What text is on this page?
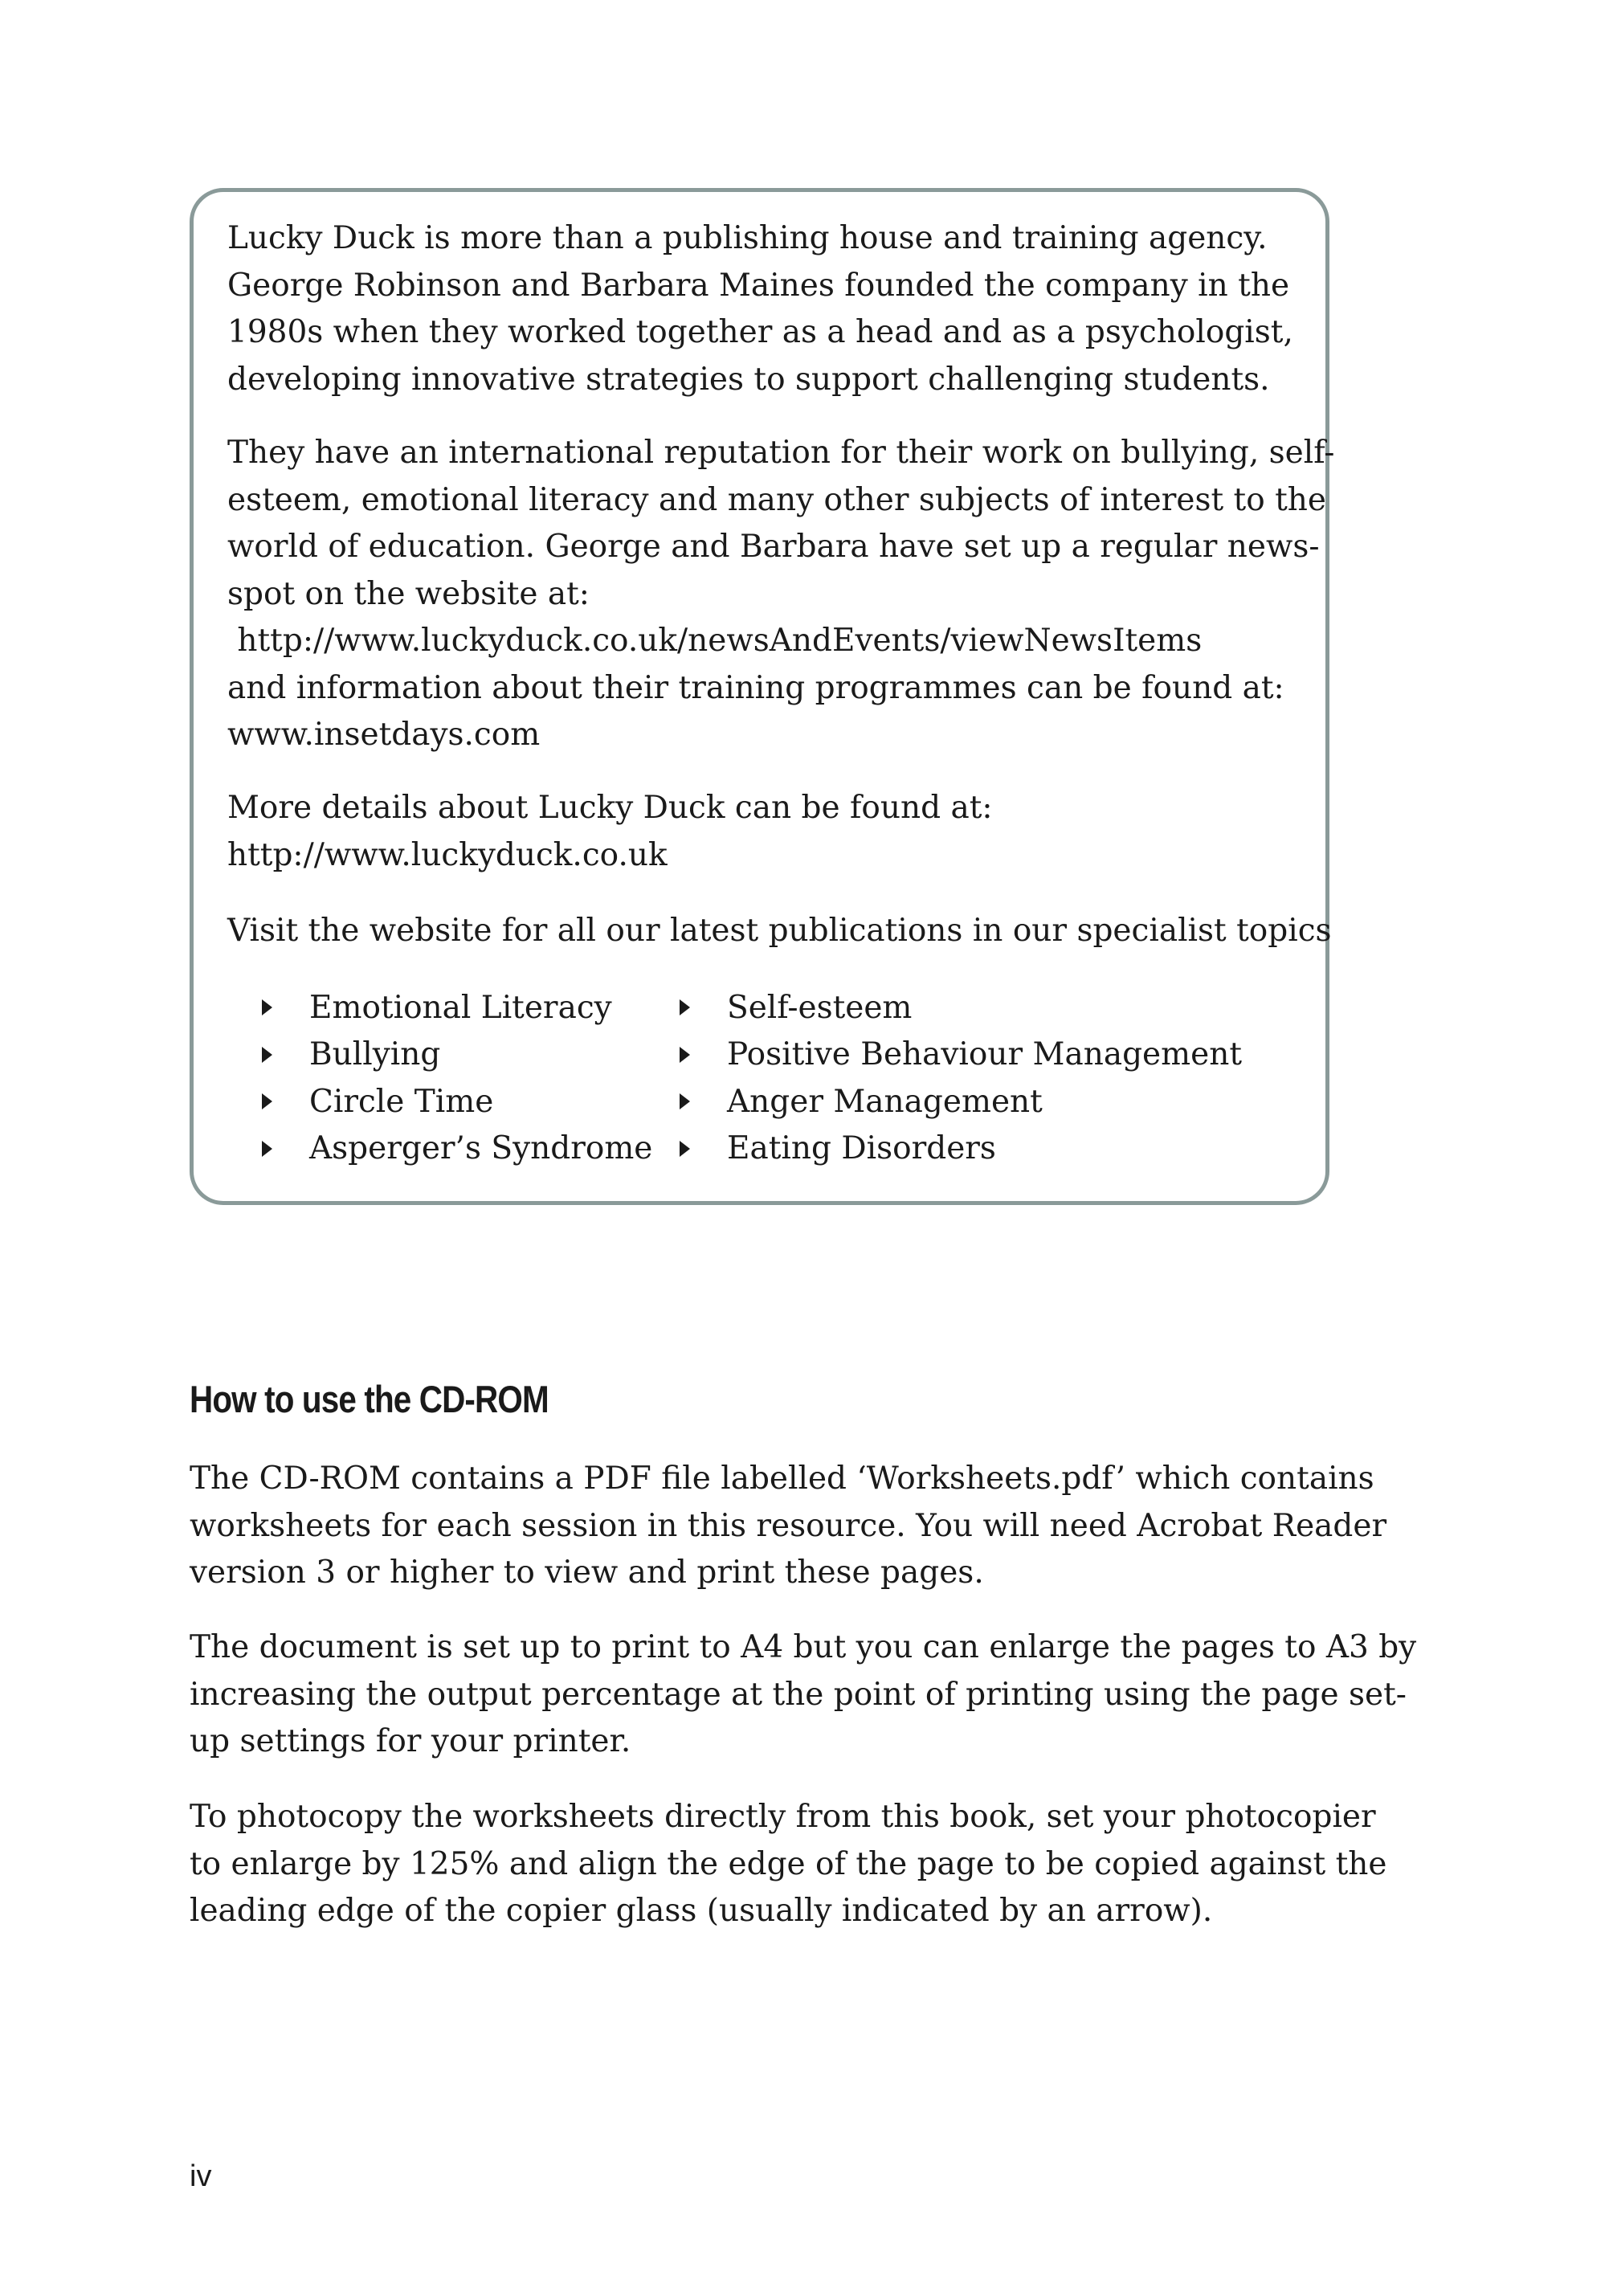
Lucky Duck is more than a publishing house and training agency.
George Robinson and Barbara Maines founded the company in the
1980s when they worked together as a head and as a psychologist,
developing innovative strategies to support challenging students.
They have an international reputation for their work on bullying, self-
esteem, emotional literacy and many other subjects of interest to the
world of education. George and Barbara have set up a regular news-
spot on the website at:
http://www.luckyduck.co.uk/newsAndEvents/viewNewsItems
and information about their training programmes can be found at:
www.insetdays.com
More details about Lucky Duck can be found at:
http://www.luckyduck.co.uk
Visit the website for all our latest publications in our specialist topics
Emotional Literacy
Bullying
Circle Time
Asperger’s Syndrome
Self-esteem
Positive Behaviour Management
Anger Management
Eating Disorders
How to use the CD-ROM
The CD-ROM contains a PDF file labelled ‘Worksheets.pdf’ which contains
worksheets for each session in this resource. You will need Acrobat Reader
version 3 or higher to view and print these pages.
The document is set up to print to A4 but you can enlarge the pages to A3 by
increasing the output percentage at the point of printing using the page set-
up settings for your printer.
To photocopy the worksheets directly from this book, set your photocopier
to enlarge by 125% and align the edge of the page to be copied against the
leading edge of the copier glass (usually indicated by an arrow).
iv
